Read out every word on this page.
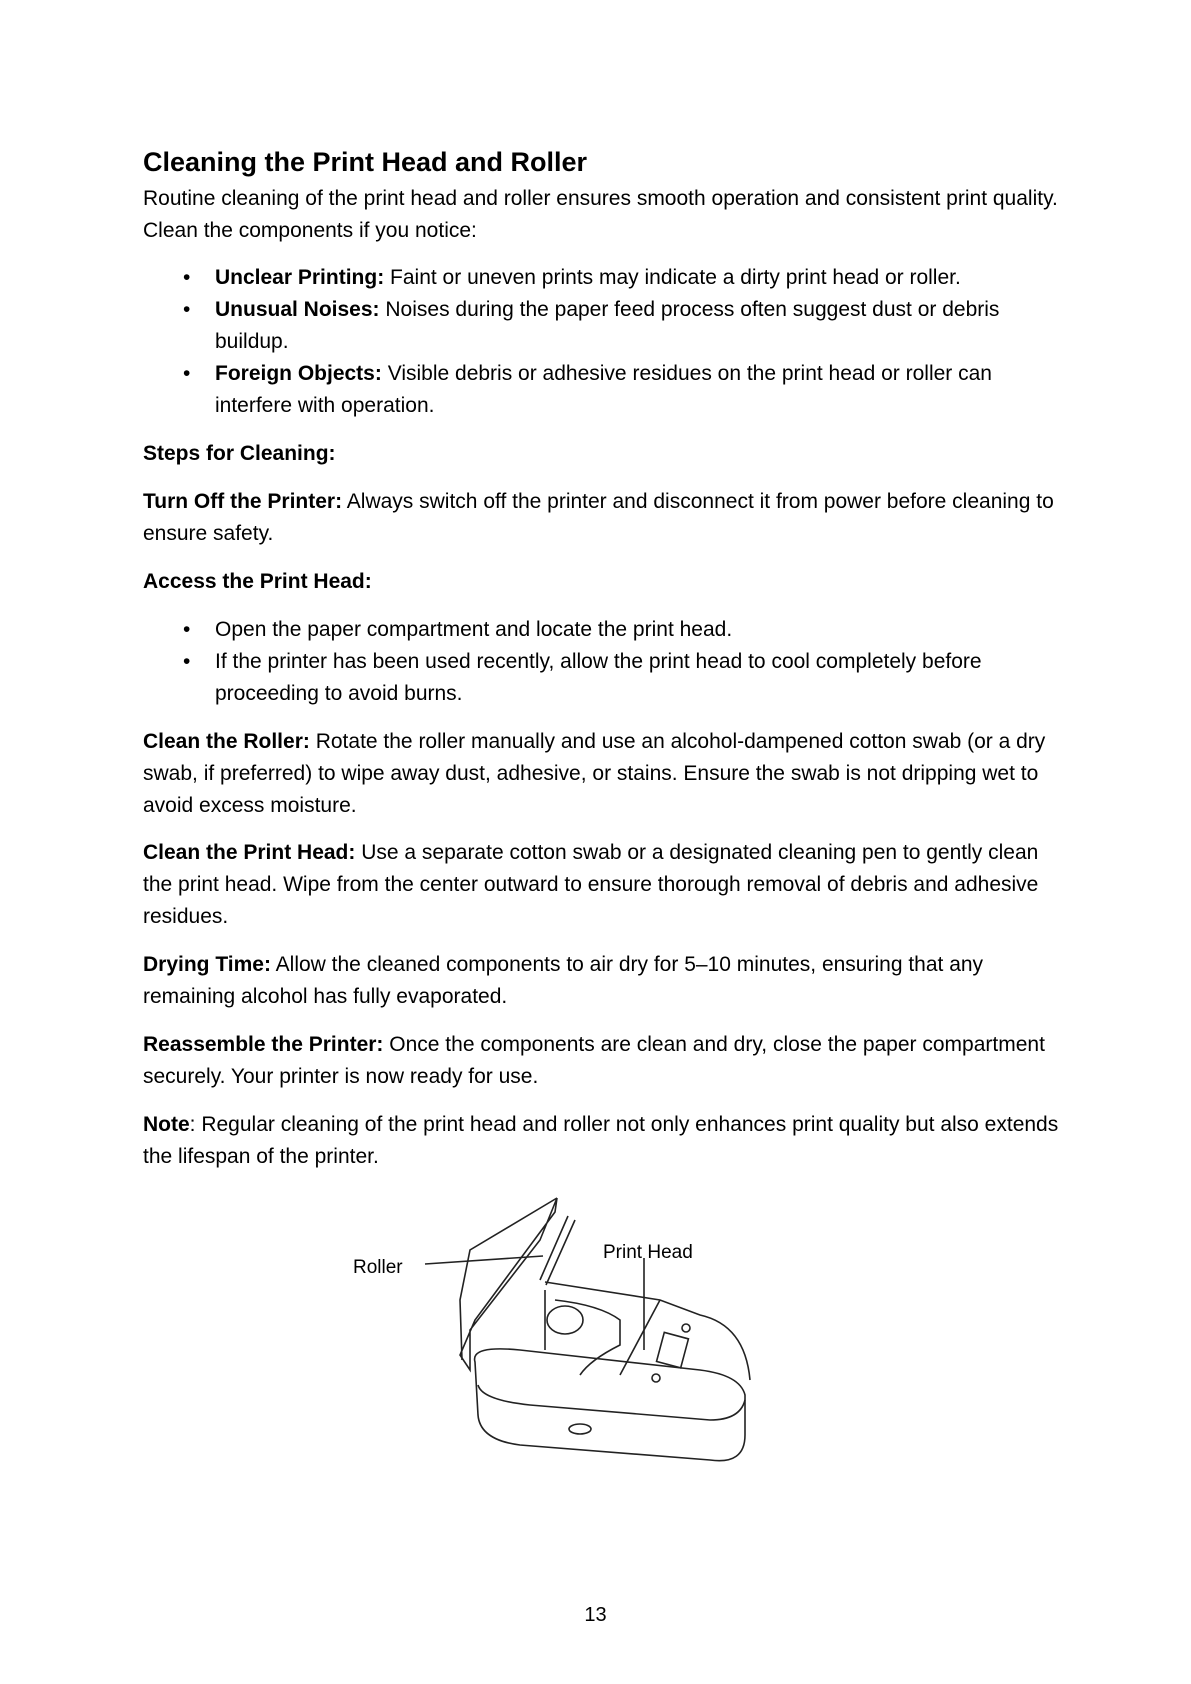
Cleaning the Print Head and Roller

Routine cleaning of the print head and roller ensures smooth operation and consistent print quality. Clean the components if you notice:

• Unclear Printing: Faint or uneven prints may indicate a dirty print head or roller.
• Unusual Noises: Noises during the paper feed process often suggest dust or debris buildup.
• Foreign Objects: Visible debris or adhesive residues on the print head or roller can interfere with operation.

Steps for Cleaning:

Turn Off the Printer: Always switch off the printer and disconnect it from power before cleaning to ensure safety.

Access the Print Head:

• Open the paper compartment and locate the print head.
• If the printer has been used recently, allow the print head to cool completely before proceeding to avoid burns.

Clean the Roller: Rotate the roller manually and use an alcohol-dampened cotton swab (or a dry swab, if preferred) to wipe away dust, adhesive, or stains. Ensure the swab is not dripping wet to avoid excess moisture.

Clean the Print Head: Use a separate cotton swab or a designated cleaning pen to gently clean the print head. Wipe from the center outward to ensure thorough removal of debris and adhesive residues.

Drying Time: Allow the cleaned components to air dry for 5–10 minutes, ensuring that any remaining alcohol has fully evaporated.

Reassemble the Printer: Once the components are clean and dry, close the paper compartment securely. Your printer is now ready for use.

Note: Regular cleaning of the print head and roller not only enhances print quality but also extends the lifespan of the printer.

Roller
Print Head
13
